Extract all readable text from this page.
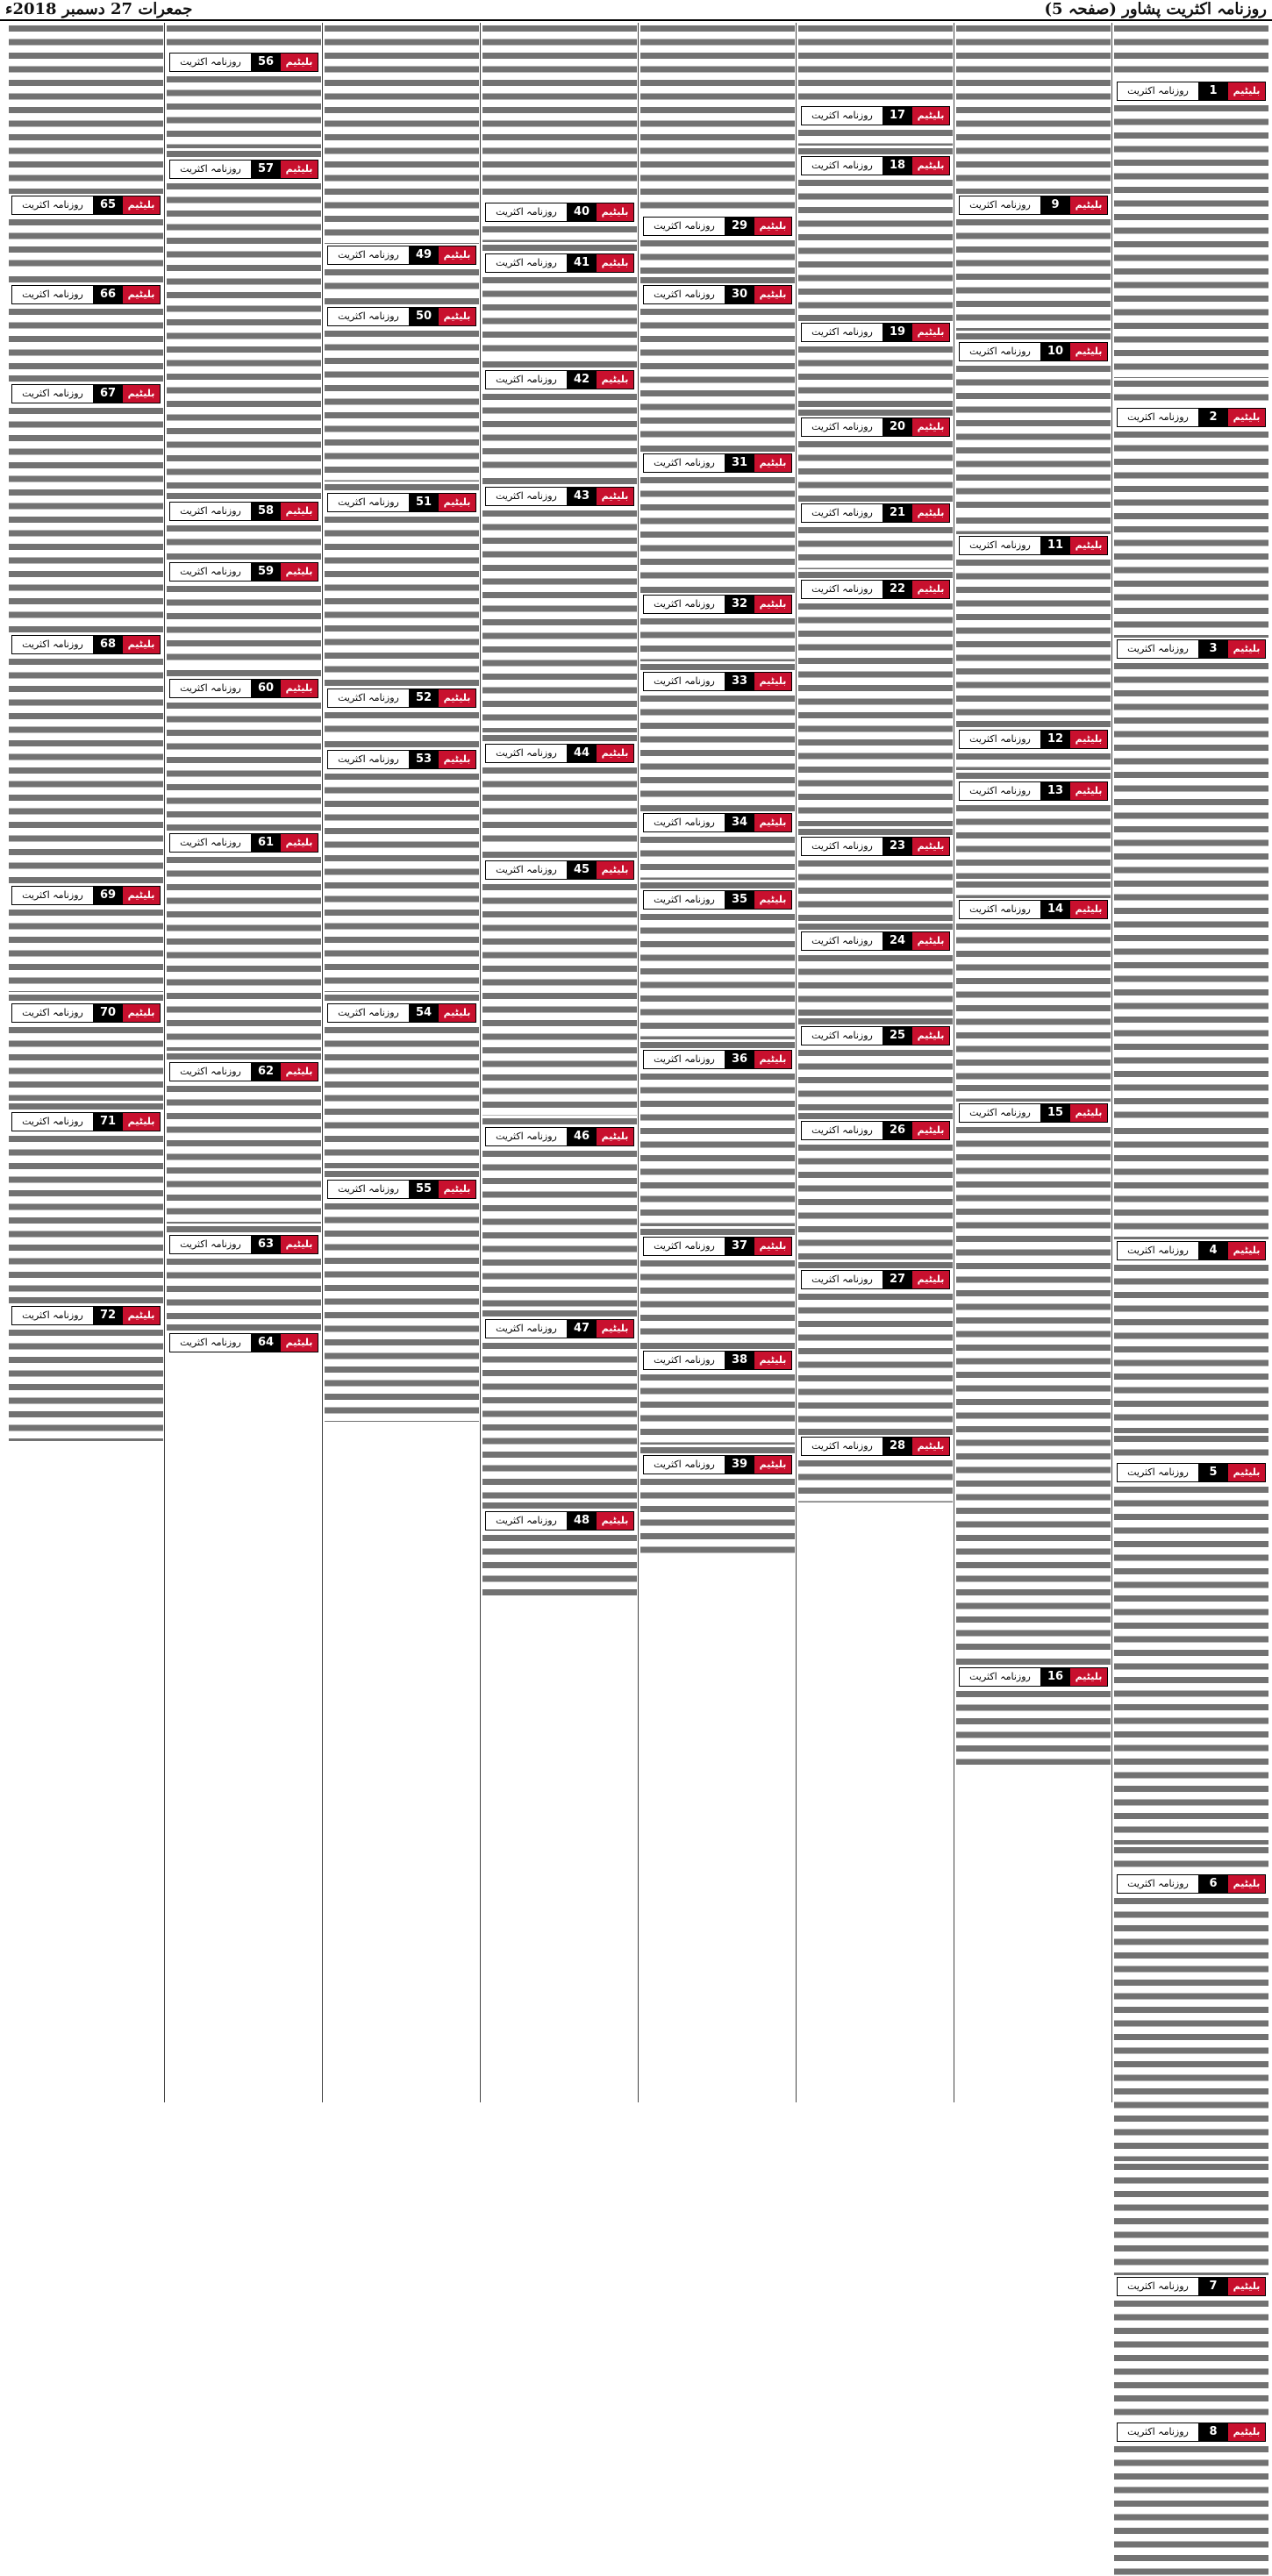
روزنامہ اکثریت پشاور (صفحہ 5)
جمعرات 27 دسمبر 2018ء
بلیٹیم
1
روزنامہ اکثریت
بلیٹیم
2
روزنامہ اکثریت
بلیٹیم
3
روزنامہ اکثریت
بلیٹیم
4
روزنامہ اکثریت
بلیٹیم
5
روزنامہ اکثریت
بلیٹیم
6
روزنامہ اکثریت
بلیٹیم
7
روزنامہ اکثریت
بلیٹیم
8
روزنامہ اکثریت
بلیٹیم
9
روزنامہ اکثریت
بلیٹیم
10
روزنامہ اکثریت
بلیٹیم
11
روزنامہ اکثریت
بلیٹیم
12
روزنامہ اکثریت
بلیٹیم
13
روزنامہ اکثریت
بلیٹیم
14
روزنامہ اکثریت
بلیٹیم
15
روزنامہ اکثریت
بلیٹیم
16
روزنامہ اکثریت
بلیٹیم
17
روزنامہ اکثریت
بلیٹیم
18
روزنامہ اکثریت
بلیٹیم
19
روزنامہ اکثریت
بلیٹیم
20
روزنامہ اکثریت
بلیٹیم
21
روزنامہ اکثریت
بلیٹیم
22
روزنامہ اکثریت
بلیٹیم
23
روزنامہ اکثریت
بلیٹیم
24
روزنامہ اکثریت
بلیٹیم
25
روزنامہ اکثریت
بلیٹیم
26
روزنامہ اکثریت
بلیٹیم
27
روزنامہ اکثریت
بلیٹیم
28
روزنامہ اکثریت
بلیٹیم
29
روزنامہ اکثریت
بلیٹیم
30
روزنامہ اکثریت
بلیٹیم
31
روزنامہ اکثریت
بلیٹیم
32
روزنامہ اکثریت
بلیٹیم
33
روزنامہ اکثریت
بلیٹیم
34
روزنامہ اکثریت
بلیٹیم
35
روزنامہ اکثریت
بلیٹیم
36
روزنامہ اکثریت
بلیٹیم
37
روزنامہ اکثریت
بلیٹیم
38
روزنامہ اکثریت
بلیٹیم
39
روزنامہ اکثریت
بلیٹیم
40
روزنامہ اکثریت
بلیٹیم
41
روزنامہ اکثریت
بلیٹیم
42
روزنامہ اکثریت
بلیٹیم
43
روزنامہ اکثریت
بلیٹیم
44
روزنامہ اکثریت
بلیٹیم
45
روزنامہ اکثریت
بلیٹیم
46
روزنامہ اکثریت
بلیٹیم
47
روزنامہ اکثریت
بلیٹیم
48
روزنامہ اکثریت
بلیٹیم
49
روزنامہ اکثریت
بلیٹیم
50
روزنامہ اکثریت
بلیٹیم
51
روزنامہ اکثریت
بلیٹیم
52
روزنامہ اکثریت
بلیٹیم
53
روزنامہ اکثریت
بلیٹیم
54
روزنامہ اکثریت
بلیٹیم
55
روزنامہ اکثریت
بلیٹیم
56
روزنامہ اکثریت
بلیٹیم
57
روزنامہ اکثریت
بلیٹیم
58
روزنامہ اکثریت
بلیٹیم
59
روزنامہ اکثریت
بلیٹیم
60
روزنامہ اکثریت
بلیٹیم
61
روزنامہ اکثریت
بلیٹیم
62
روزنامہ اکثریت
بلیٹیم
63
روزنامہ اکثریت
بلیٹیم
64
روزنامہ اکثریت
بلیٹیم
65
روزنامہ اکثریت
بلیٹیم
66
روزنامہ اکثریت
بلیٹیم
67
روزنامہ اکثریت
بلیٹیم
68
روزنامہ اکثریت
بلیٹیم
69
روزنامہ اکثریت
بلیٹیم
70
روزنامہ اکثریت
بلیٹیم
71
روزنامہ اکثریت
بلیٹیم
72
روزنامہ اکثریت
